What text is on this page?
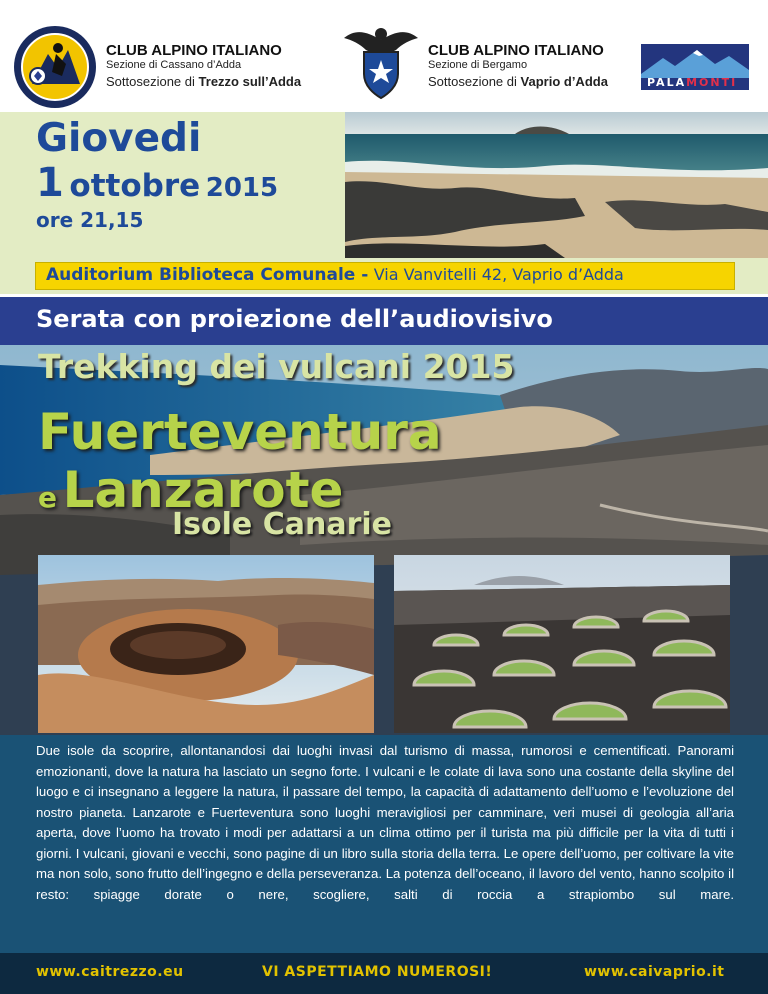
CLUB ALPINO ITALIANO
Sezione di Cassano d’Adda
Sottosezione di Trezzo sull’Adda
CLUB ALPINO ITALIANO
Sezione di Bergamo
Sottosezione di Vaprio d’Adda	PALAMONTI
Giovedi
1 ottobre 2015
ore 21,15
Auditorium Biblioteca Comunale - Via Vanvitelli 42, Vaprio d’Adda
Serata con proiezione dell’audiovisivo
Trekking dei vulcani 2015
Fuerteventura
e Lanzarote
Isole Canarie
Due isole da scoprire, allontanandosi dai luoghi invasi dal turismo di massa, rumorosi e cementificati. Panorami emozionanti, dove la natura ha lasciato un segno forte. I vulcani e le colate di lava sono una costante della skyline del luogo e ci insegnano a leggere la natura, il passare del tempo, la capacità di adattamento dell’uomo e l’evoluzione del nostro pianeta. Lanzarote e Fuerteventura sono luoghi meravigliosi per camminare, veri musei di geologia all’aria aperta, dove l’uomo ha trovato i modi per adattarsi a un clima ottimo per il turista ma più difficile per la vita di tutti i giorni. I vulcani, giovani e vecchi, sono pagine di un libro sulla storia della terra. Le opere dell’uomo, per coltivare la vite ma non solo, sono frutto dell’ingegno e della perseveranza. La potenza dell’oceano, il lavoro del vento, hanno scolpito il resto: spiagge dorate o nere, scogliere, salti di roccia a strapiombo sul mare.
www.caitrezzo.eu	VI ASPETTIAMO NUMEROSI!	www.caivaprio.it
